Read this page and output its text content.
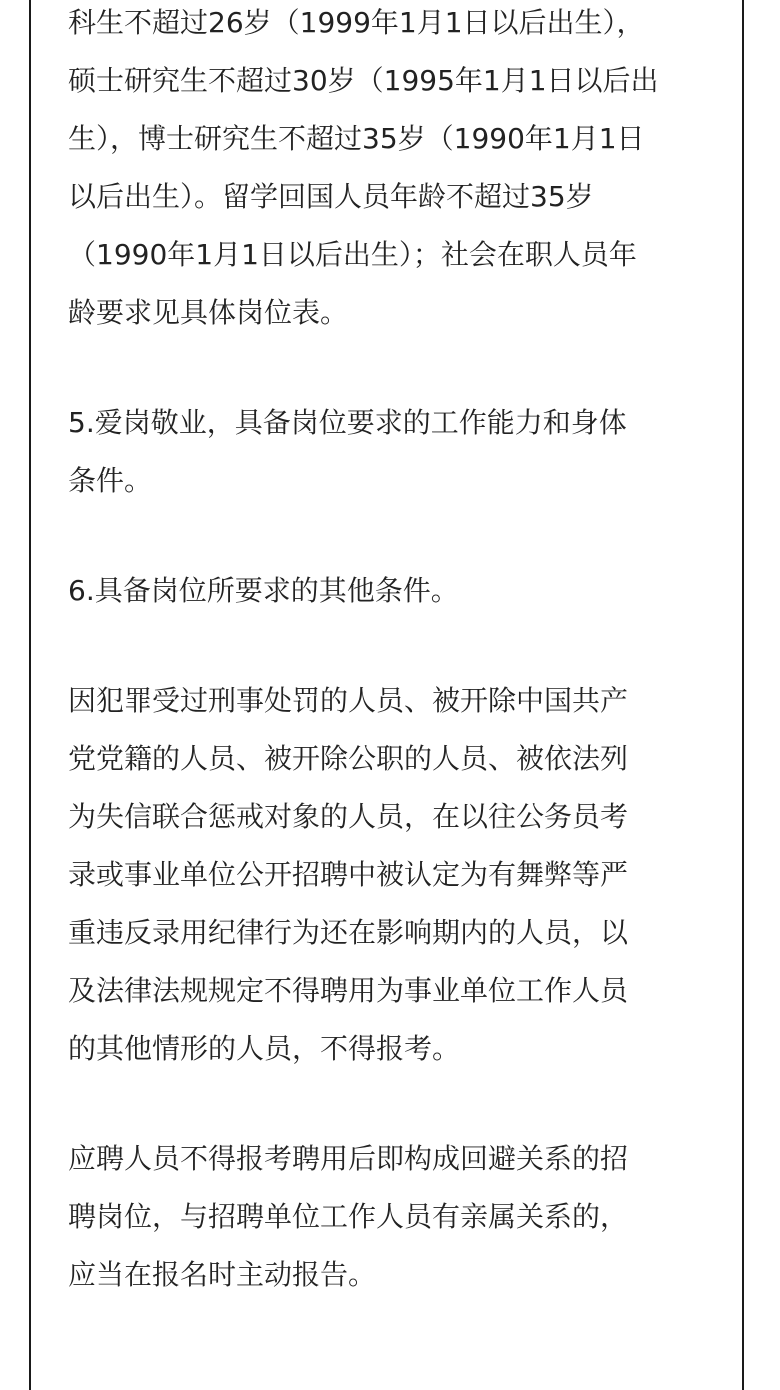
科生不超过26岁（1999年1月1日以后出生），
硕士研究生不超过30岁（1995年1月1日以后出
生），博士研究生不超过35岁（1990年1月1日
以后出生）。留学回国人员年龄不超过35岁
（1990年1月1日以后出生）；社会在职人员年
龄要求见具体岗位表。

5.爱岗敬业，具备岗位要求的工作能力和身体
条件。

6.具备岗位所要求的其他条件。

因犯罪受过刑事处罚的人员、被开除中国共产
党党籍的人员、被开除公职的人员、被依法列
为失信联合惩戒对象的人员，在以往公务员考
录或事业单位公开招聘中被认定为有舞弊等严
重违反录用纪律行为还在影响期内的人员，以
及法律法规规定不得聘用为事业单位工作人员
的其他情形的人员，不得报考。

应聘人员不得报考聘用后即构成回避关系的招
聘岗位，与招聘单位工作人员有亲属关系的，
应当在报名时主动报告。
